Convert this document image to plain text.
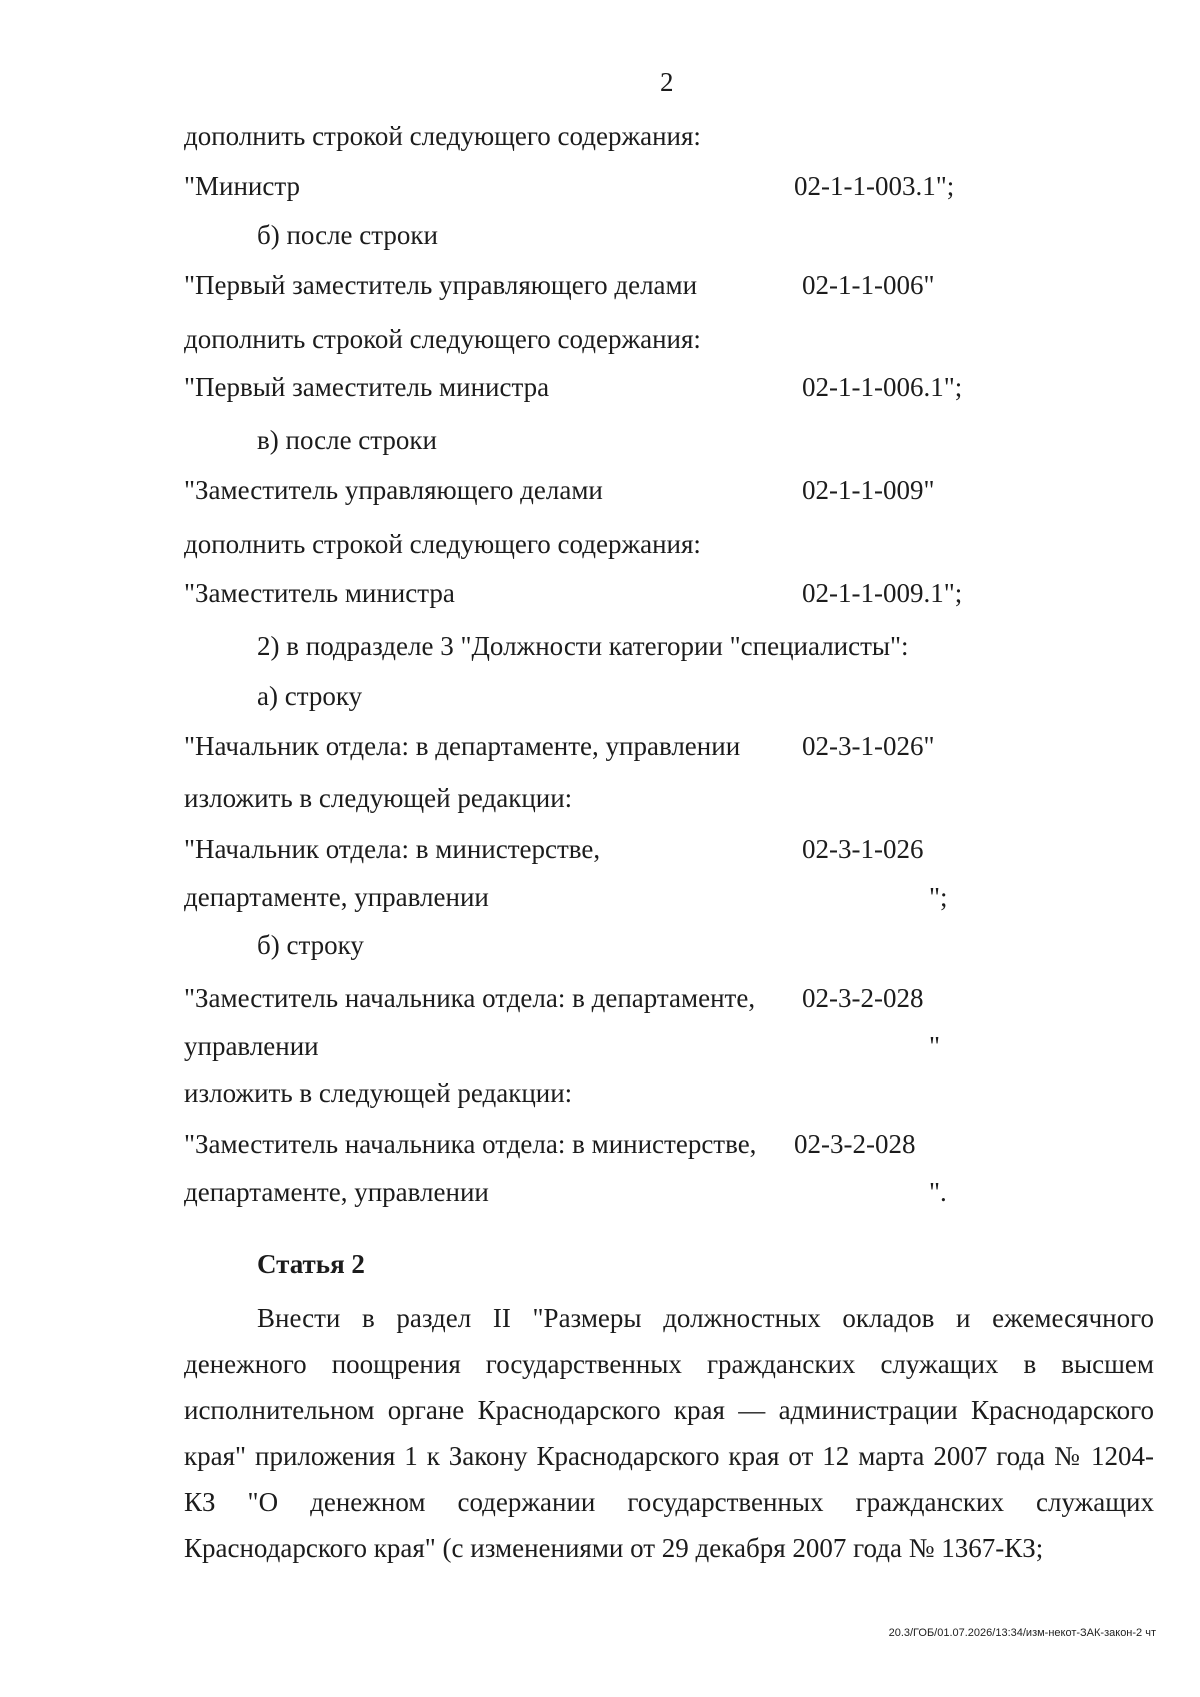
2
дополнить строкой следующего содержания:
"Министр
б) после строки
"Первый заместитель управляющего делами
дополнить строкой следующего содержания:
"Первый заместитель министра
в) после строки
"Заместитель управляющего делами
дополнить строкой следующего содержания:
"Заместитель министра
2) в подразделе 3 "Должности категории "специалисты":
а) строку
"Начальник отдела: в департаменте, управлении
изложить в следующей редакции:
"Начальник отдела: в министерстве,
департаменте, управлении
б) строку
"Заместитель начальника отдела: в департаменте,
управлении
изложить в следующей редакции:
"Заместитель начальника отдела: в министерстве,
департаменте, управлении
02-1-1-003.1";
02-1-1-006"
02-1-1-006.1";
02-1-1-009"
02-1-1-009.1";
02-3-1-026"
02-3-1-026
";
02-3-2-028
"
02-3-2-028
".
Статья 2
Внести в раздел II "Размеры должностных окладов и ежемесячного денежного поощрения государственных гражданских служащих в высшем исполнительном органе Краснодарского края — администрации Краснодарского края" приложения 1 к Закону Краснодарского края от 12 марта 2007 года № 1204-КЗ "О денежном содержании государственных гражданских служащих Краснодарского края" (с изменениями от 29 декабря 2007 года № 1367-КЗ;
20.3/ГОБ/01.07.2026/13:34/изм-некот-ЗАК-закон-2 чт
